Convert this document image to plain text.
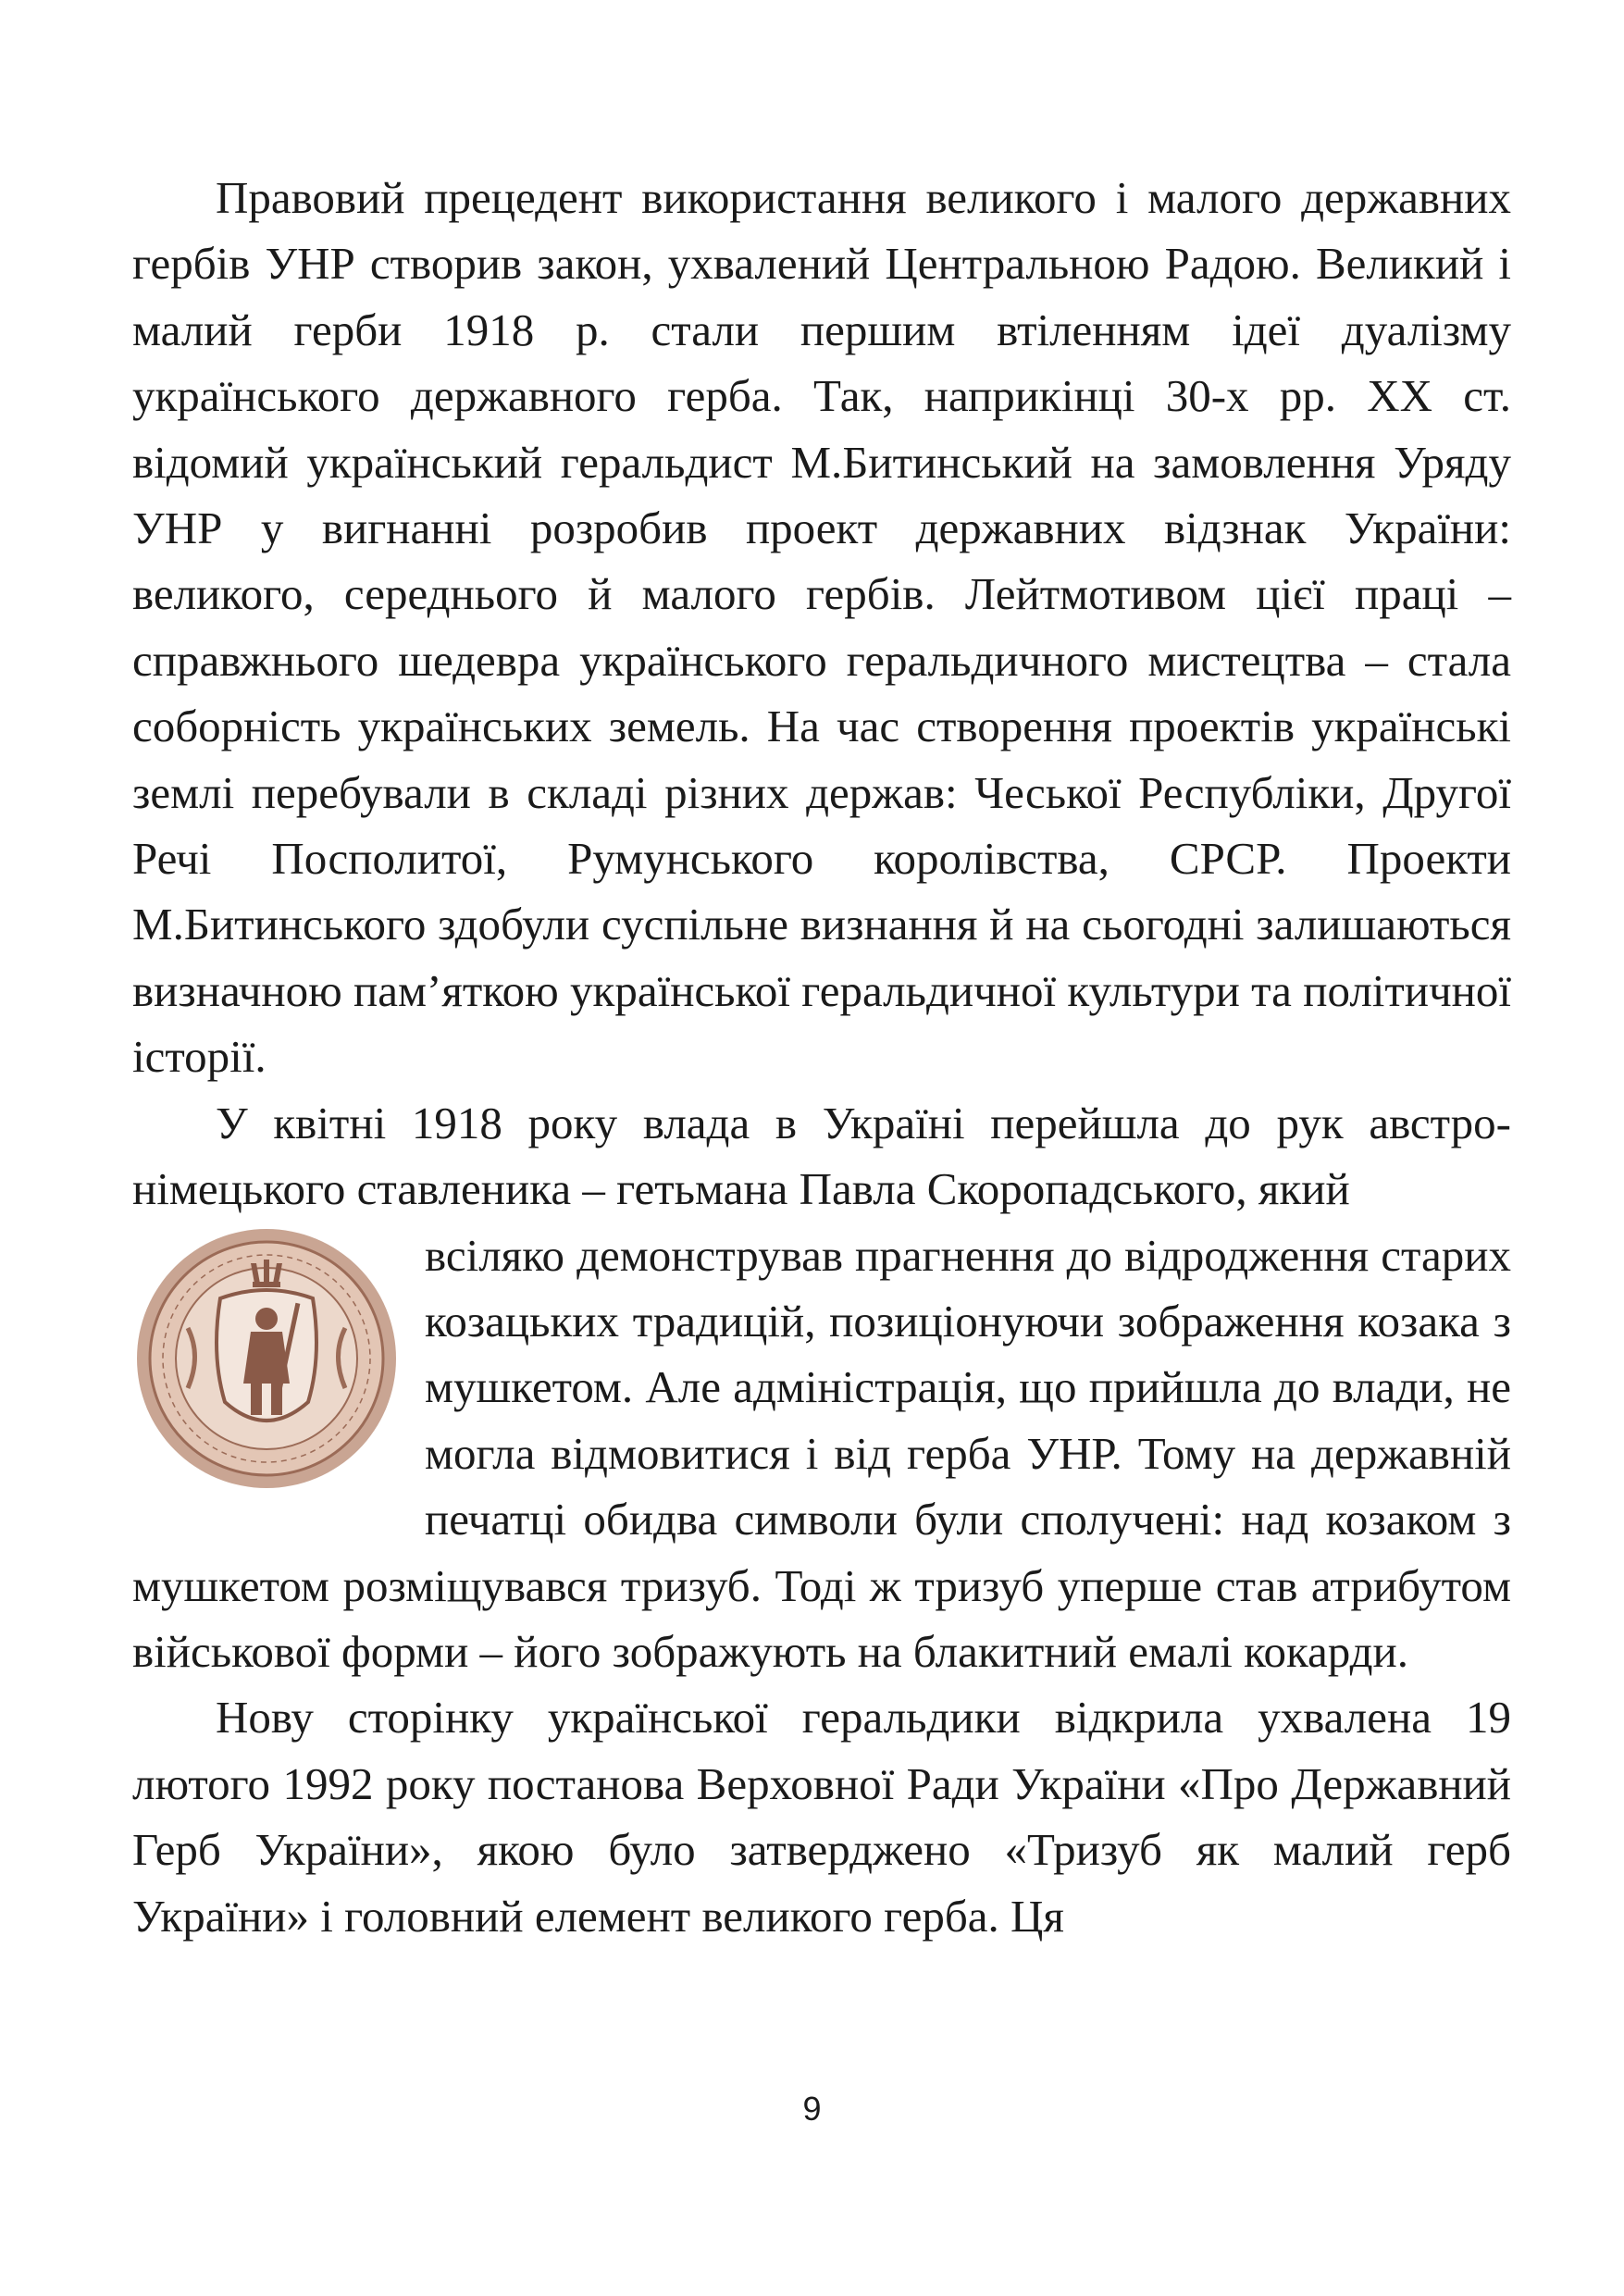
Правовий прецедент використання великого і малого державних гербів УНР створив закон, ухвалений Центральною Радою. Великий і малий герби 1918 р. стали першим втіленням ідеї дуалізму українського державного герба. Так, наприкінці 30-х рр. ХХ ст. відомий український геральдист М.Битинський на замовлення Уряду УНР у вигнанні розробив проект державних відзнак України: великого, середнього й малого гербів. Лейтмотивом цієї праці – справжнього шедевра українського геральдичного мистецтва – стала соборність українських земель. На час створення проектів українські землі перебували в складі різних держав: Чеської Республіки, Другої Речі Посполитої, Румунського королівства, СРСР. Проекти М.Битинського здобули суспільне визнання й на сьогодні залишаються визначною пам’яткою української геральдичної культури та політичної історії.

У квітні 1918 року влада в Україні перейшла до рук австро-німецького ставленика – гетьмана Павла Скоропадського, який

всіляко демонстрував прагнення до відродження старих козацьких традицій, позиціонуючи зображення козака з мушкетом. Але адміністрація, що прийшла до влади, не могла відмовитися і від герба УНР. Тому на державній печатці обидва символи були сполучені: над козаком з мушкетом розміщувався тризуб. Тоді ж тризуб уперше став атрибутом військової форми – його зображують на блакитний емалі кокарди.

Нову сторінку української геральдики відкрила ухвалена 19 лютого 1992 року постанова Верховної Ради України «Про Державний Герб України», якою було затверджено «Тризуб як малий герб України» і головний елемент великого герба. Ця

9
